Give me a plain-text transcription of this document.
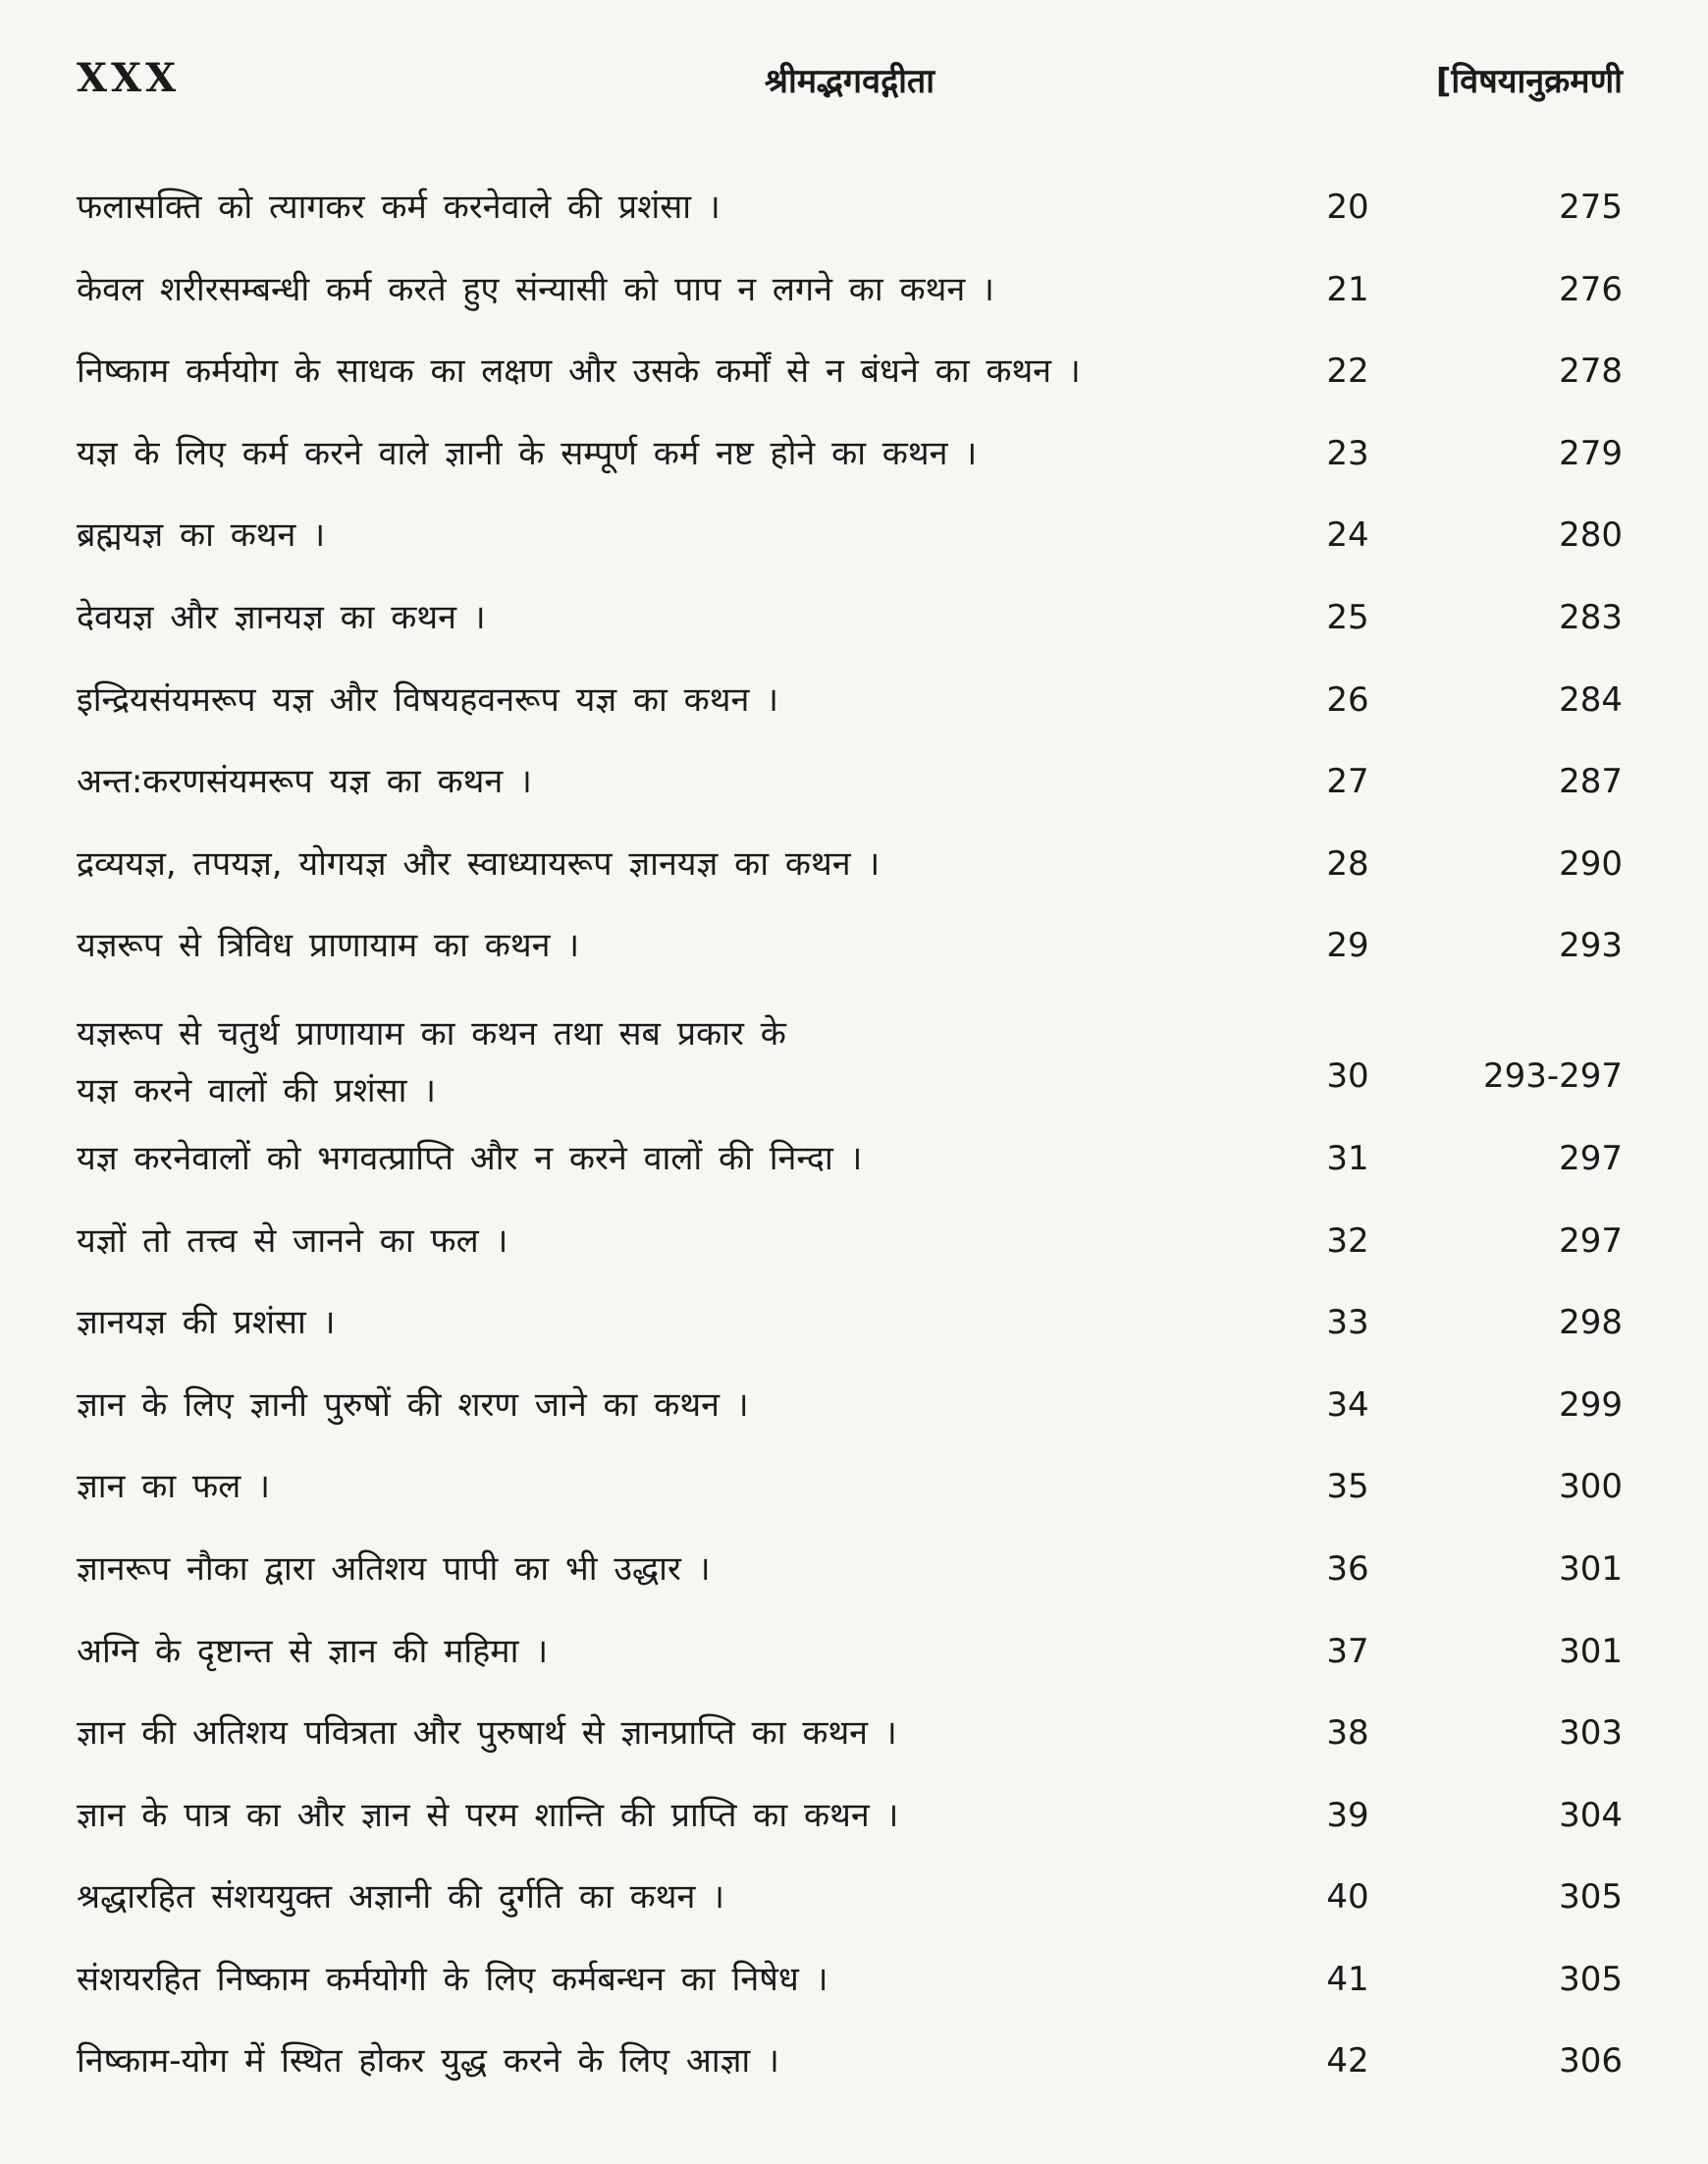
XXX	श्रीमद्भगवद्गीता	[विषयानुक्रमणी
फलासक्ति को त्यागकर कर्म करनेवाले की प्रशंसा ।	20	275
केवल शरीरसम्बन्धी कर्म करते हुए संन्यासी को पाप न लगने का कथन ।	21	276
निष्काम कर्मयोग के साधक का लक्षण और उसके कर्मों से न बंधने का कथन ।	22	278
यज्ञ के लिए कर्म करने वाले ज्ञानी के सम्पूर्ण कर्म नष्ट होने का कथन ।	23	279
ब्रह्मयज्ञ का कथन ।	24	280
देवयज्ञ और ज्ञानयज्ञ का कथन ।	25	283
इन्द्रियसंयमरूप यज्ञ और विषयहवनरूप यज्ञ का कथन ।	26	284
अन्त:करणसंयमरूप यज्ञ का कथन ।	27	287
द्रव्ययज्ञ, तपयज्ञ, योगयज्ञ और स्वाध्यायरूप ज्ञानयज्ञ का कथन ।	28	290
यज्ञरूप से त्रिविध प्राणायाम का कथन ।	29	293
यज्ञरूप से चतुर्थ प्राणायाम का कथन तथा सब प्रकार के
यज्ञ करने वालों की प्रशंसा ।	30	293-297
यज्ञ करनेवालों को भगवत्प्राप्ति और न करने वालों की निन्दा ।	31	297
यज्ञों तो तत्त्व से जानने का फल ।	32	297
ज्ञानयज्ञ की प्रशंसा ।	33	298
ज्ञान के लिए ज्ञानी पुरुषों की शरण जाने का कथन ।	34	299
ज्ञान का फल ।	35	300
ज्ञानरूप नौका द्वारा अतिशय पापी का भी उद्धार ।	36	301
अग्नि के दृष्टान्त से ज्ञान की महिमा ।	37	301
ज्ञान की अतिशय पवित्रता और पुरुषार्थ से ज्ञानप्राप्ति का कथन ।	38	303
ज्ञान के पात्र का और ज्ञान से परम शान्ति की प्राप्ति का कथन ।	39	304
श्रद्धारहित संशययुक्त अज्ञानी की दुर्गति का कथन ।	40	305
संशयरहित निष्काम कर्मयोगी के लिए कर्मबन्धन का निषेध ।	41	305
निष्काम-योग में स्थित होकर युद्ध करने के लिए आज्ञा ।	42	306
